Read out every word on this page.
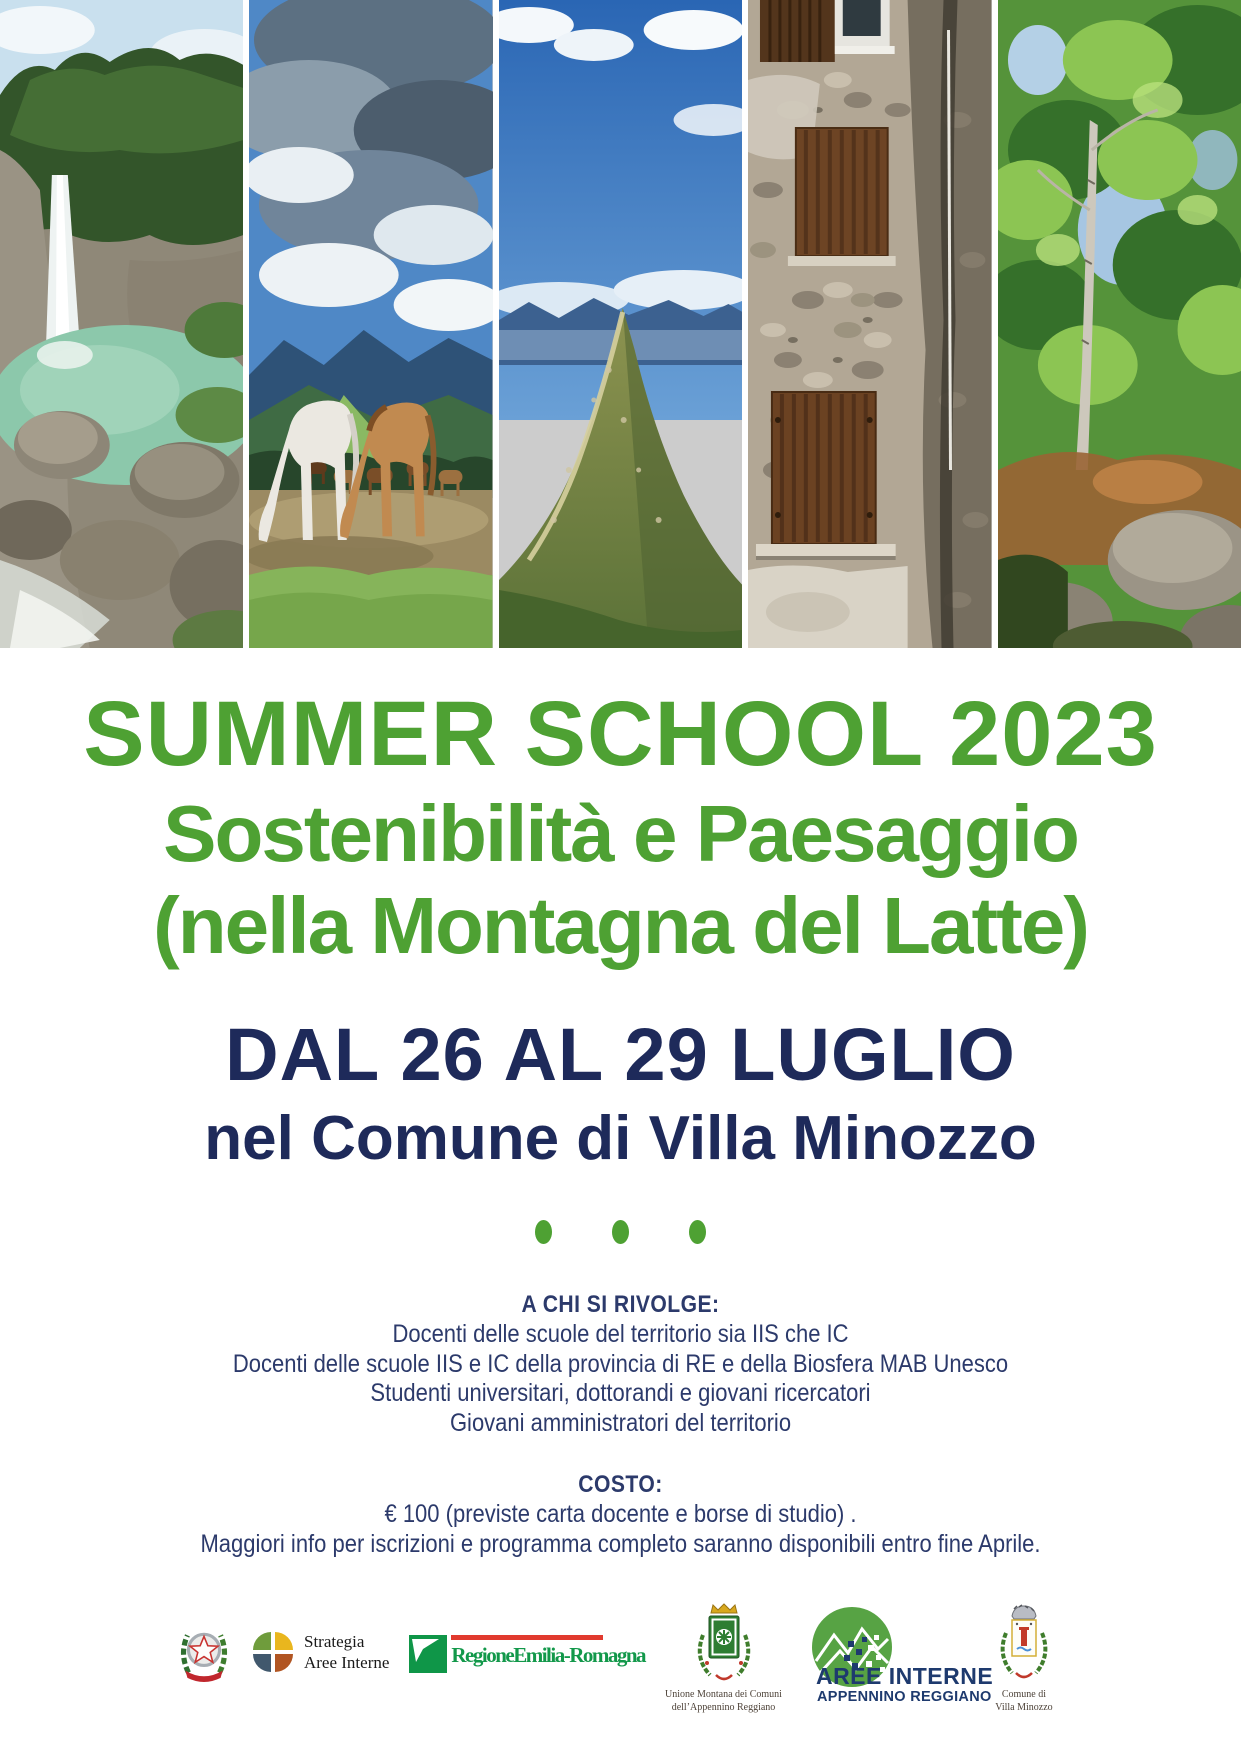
SUMMER SCHOOL 2023
Sostenibilità e Paesaggio
(nella Montagna del Latte)
DAL 26 AL 29 LUGLIO
nel Comune di Villa Minozzo
A CHI SI RIVOLGE:
Docenti delle scuole del territorio sia IIS che IC
Docenti delle scuole IIS e IC della provincia di RE e della Biosfera MAB Unesco
Studenti universitari, dottorandi e giovani ricercatori
Giovani amministratori del territorio
COSTO:
€ 100 (previste carta docente e borse di studio) .
Maggiori info per iscrizioni e programma completo saranno disponibili entro fine Aprile.
Strategia
Aree Interne	RegioneEmilia-Romagna
Unione Montana dei Comuni
dell’Appennino Reggiano
AREE INTERNE
APPENNINO REGGIANO	Comune di
Villa Minozzo
